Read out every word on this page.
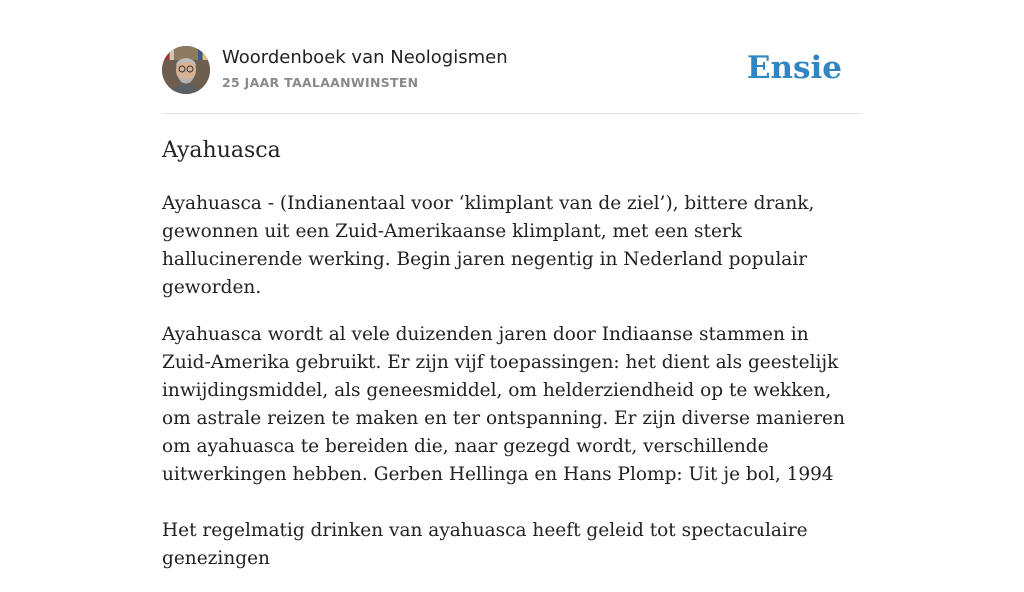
Woordenboek van Neologismen
25 JAAR TAALAANWINSTEN	Ensie
Ayahuasca

Ayahuasca - (Indianentaal voor ‘klimplant van de ziel’), bittere drank, gewonnen uit een Zuid-Amerikaanse klimplant, met een sterk hallucinerende werking. Begin jaren negentig in Nederland populair geworden.

Ayahuasca wordt al vele duizenden jaren door Indiaanse stammen in Zuid-Amerika gebruikt. Er zijn vijf toepassingen: het dient als geestelijk inwijdingsmiddel, als geneesmiddel, om helderziendheid op te wekken, om astrale reizen te maken en ter ontspanning. Er zijn diverse manieren om ayahuasca te bereiden die, naar gezegd wordt, verschillende uitwerkingen hebben. Gerben Hellinga en Hans Plomp: Uit je bol, 1994

Het regelmatig drinken van ayahuasca heeft geleid tot spectaculaire genezingen
